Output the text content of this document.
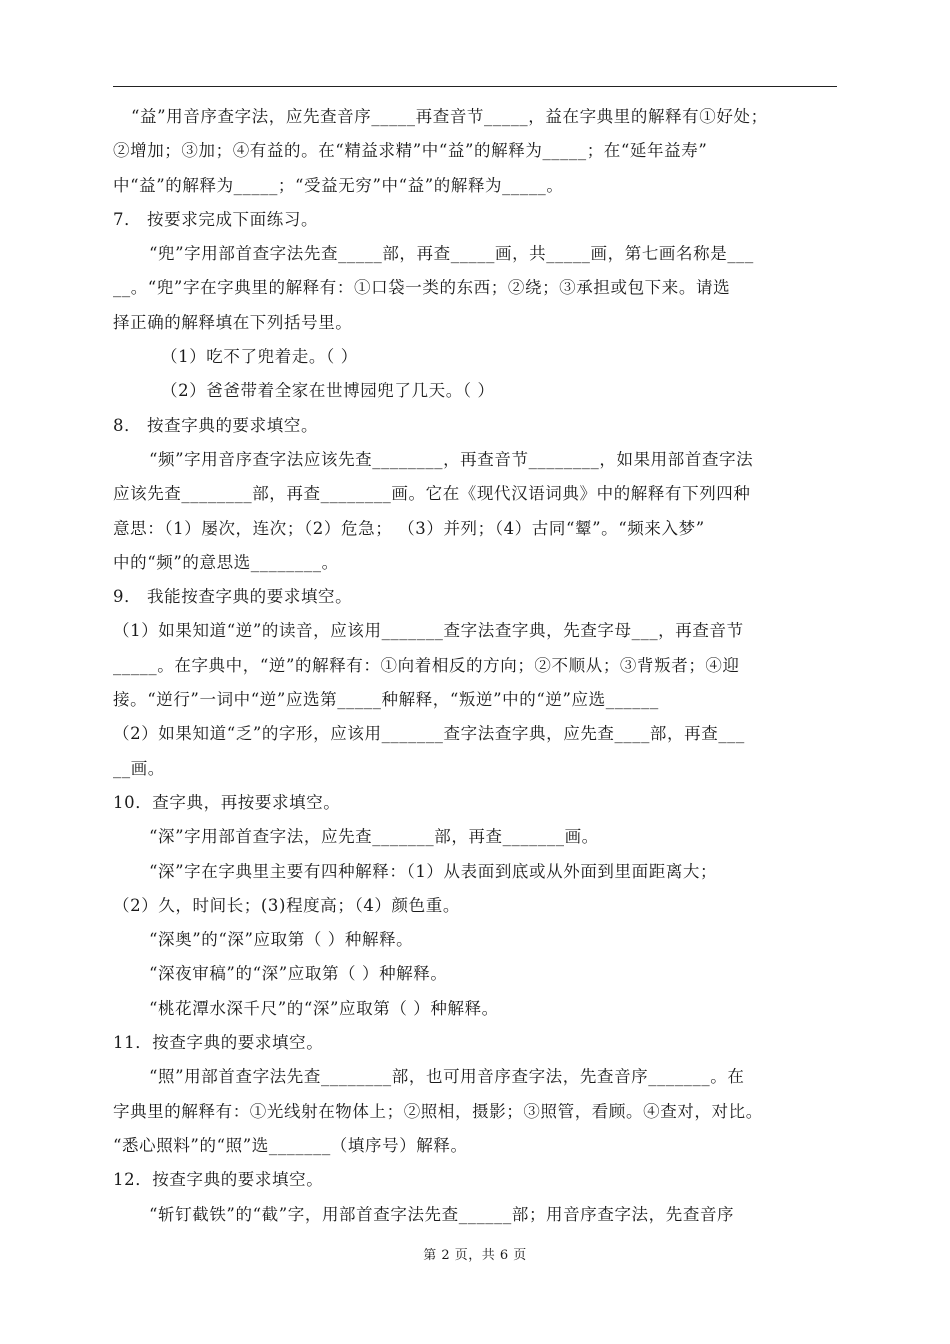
“益”用音序查字法，应先查音序_____再查音节_____，益在字典里的解释有①好处；
②增加；③加；④有益的。在“精益求精”中“益”的解释为_____；在“延年益寿”
中“益”的解释为_____；“受益无穷”中“益”的解释为_____。
7． 按要求完成下面练习。
“兜”字用部首查字法先查_____部，再查_____画，共_____画，第七画名称是___
__。“兜”字在字典里的解释有：①口袋一类的东西；②绕；③承担或包下来。请选
择正确的解释填在下列括号里。
（1）吃不了兜着走。（ ）
（2）爸爸带着全家在世博园兜了几天。（ ）
8． 按查字典的要求填空。
“频”字用音序查字法应该先查________，再查音节________，如果用部首查字法
应该先查________部，再查________画。它在《现代汉语词典》中的解释有下列四种
意思：（1）屡次，连次；（2）危急； （3）并列；（4）古同“颦”。“频来入梦”
中的“频”的意思选________。
9． 我能按查字典的要求填空。
（1）如果知道“逆”的读音，应该用_______查字法查字典，先查字母___，再查音节
_____。在字典中，“逆”的解释有：①向着相反的方向；②不顺从；③背叛者；④迎
接。“逆行”一词中“逆”应选第_____种解释，“叛逆”中的“逆”应选______
（2）如果知道“乏”的字形，应该用_______查字法查字典，应先查____部，再查___
__画。
10．查字典，再按要求填空。
“深”字用部首查字法，应先查_______部，再查_______画。
“深”字在字典里主要有四种解释：（1）从表面到底或从外面到里面距离大；
（2）久，时间长；(3)程度高；（4）颜色重。
“深奥”的“深”应取第（ ）种解释。
“深夜审稿”的“深”应取第（ ）种解释。
“桃花潭水深千尺”的“深”应取第（ ）种解释。
11．按查字典的要求填空。
“照”用部首查字法先查________部，也可用音序查字法，先查音序_______。在
字典里的解释有：①光线射在物体上；②照相，摄影；③照管，看顾。④查对，对比。
“悉心照料”的“照”选_______（填序号）解释。
12．按查字典的要求填空。
“斩钉截铁”的“截”字，用部首查字法先查______部；用音序查字法，先查音序
第 2 页，共 6 页
